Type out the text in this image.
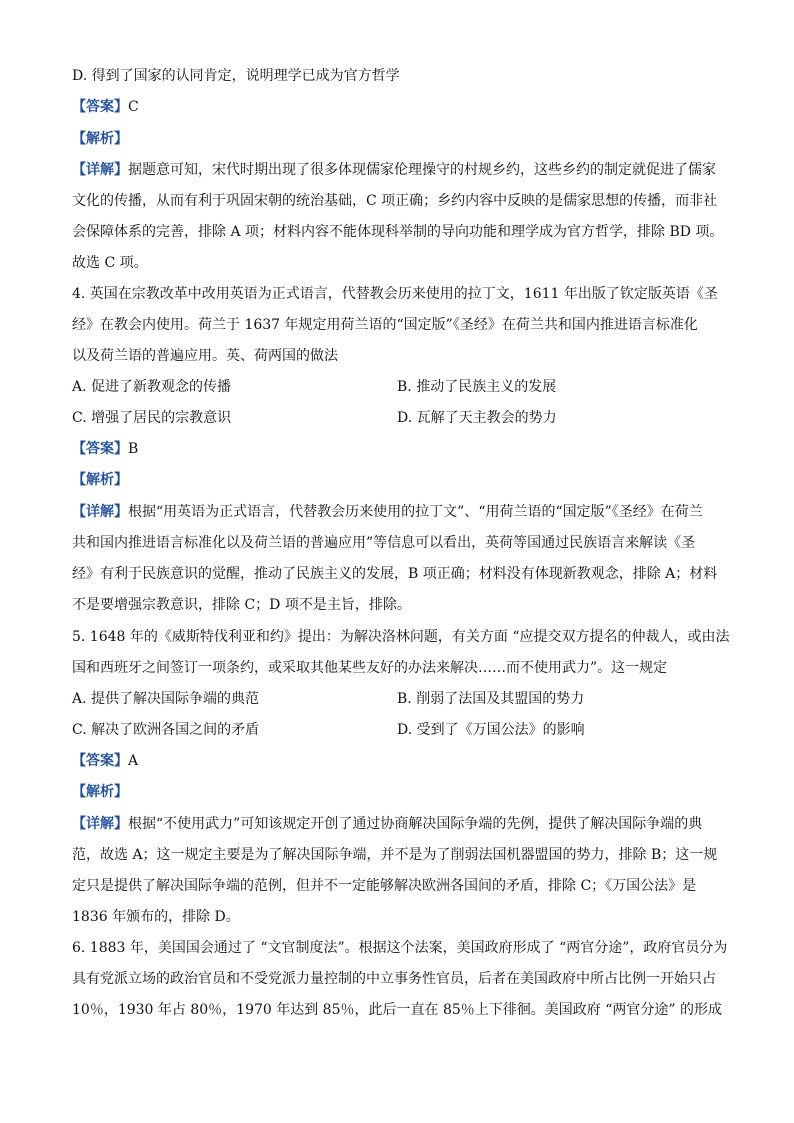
D. 得到了国家的认同肯定，说明理学已成为官方哲学
【答案】C
【解析】
【详解】据题意可知，宋代时期出现了很多体现儒家伦理操守的村规乡约，这些乡约的制定就促进了儒家
文化的传播，从而有利于巩固宋朝的统治基础，C 项正确；乡约内容中反映的是儒家思想的传播，而非社
会保障体系的完善，排除 A 项；材料内容不能体现科举制的导向功能和理学成为官方哲学，排除 BD 项。
故选 C 项。
4. 英国在宗教改革中改用英语为正式语言，代替教会历来使用的拉丁文，1611 年出版了钦定版英语《圣
经》在教会内使用。荷兰于 1637 年规定用荷兰语的“国定版”《圣经》在荷兰共和国内推进语言标准化
以及荷兰语的普遍应用。英、荷两国的做法
A. 促进了新教观念的传播	B. 推动了民族主义的发展
C. 增强了居民的宗教意识	D. 瓦解了天主教会的势力
【答案】B
【解析】
【详解】根据“用英语为正式语言，代替教会历来使用的拉丁文”、“用荷兰语的“国定版”《圣经》在荷兰
共和国内推进语言标准化以及荷兰语的普遍应用”等信息可以看出，英荷等国通过民族语言来解读《圣
经》有利于民族意识的觉醒，推动了民族主义的发展，B 项正确；材料没有体现新教观念，排除 A；材料
不是要增强宗教意识，排除 C；D 项不是主旨，排除。
5. 1648 年的《威斯特伐利亚和约》提出：为解决洛林问题，有关方面 “应提交双方提名的仲裁人，或由法
国和西班牙之间签订一项条约，或采取其他某些友好的办法来解决……而不使用武力”。这一规定
A. 提供了解决国际争端的典范	B. 削弱了法国及其盟国的势力
C. 解决了欧洲各国之间的矛盾	D. 受到了《万国公法》的影响
【答案】A
【解析】
【详解】根据“不使用武力”可知该规定开创了通过协商解决国际争端的先例，提供了解决国际争端的典
范，故选 A；这一规定主要是为了解决国际争端，并不是为了削弱法国机器盟国的势力，排除 B；这一规
定只是提供了解决国际争端的范例，但并不一定能够解决欧洲各国间的矛盾，排除 C；《万国公法》是
1836 年颁布的，排除 D。
6. 1883 年，美国国会通过了 “文官制度法”。根据这个法案，美国政府形成了 “两官分途”，政府官员分为
具有党派立场的政治官员和不受党派力量控制的中立事务性官员，后者在美国政府中所占比例一开始只占
10％，1930 年占 80％，1970 年达到 85％，此后一直在 85％上下徘徊。美国政府 “两官分途” 的形成
